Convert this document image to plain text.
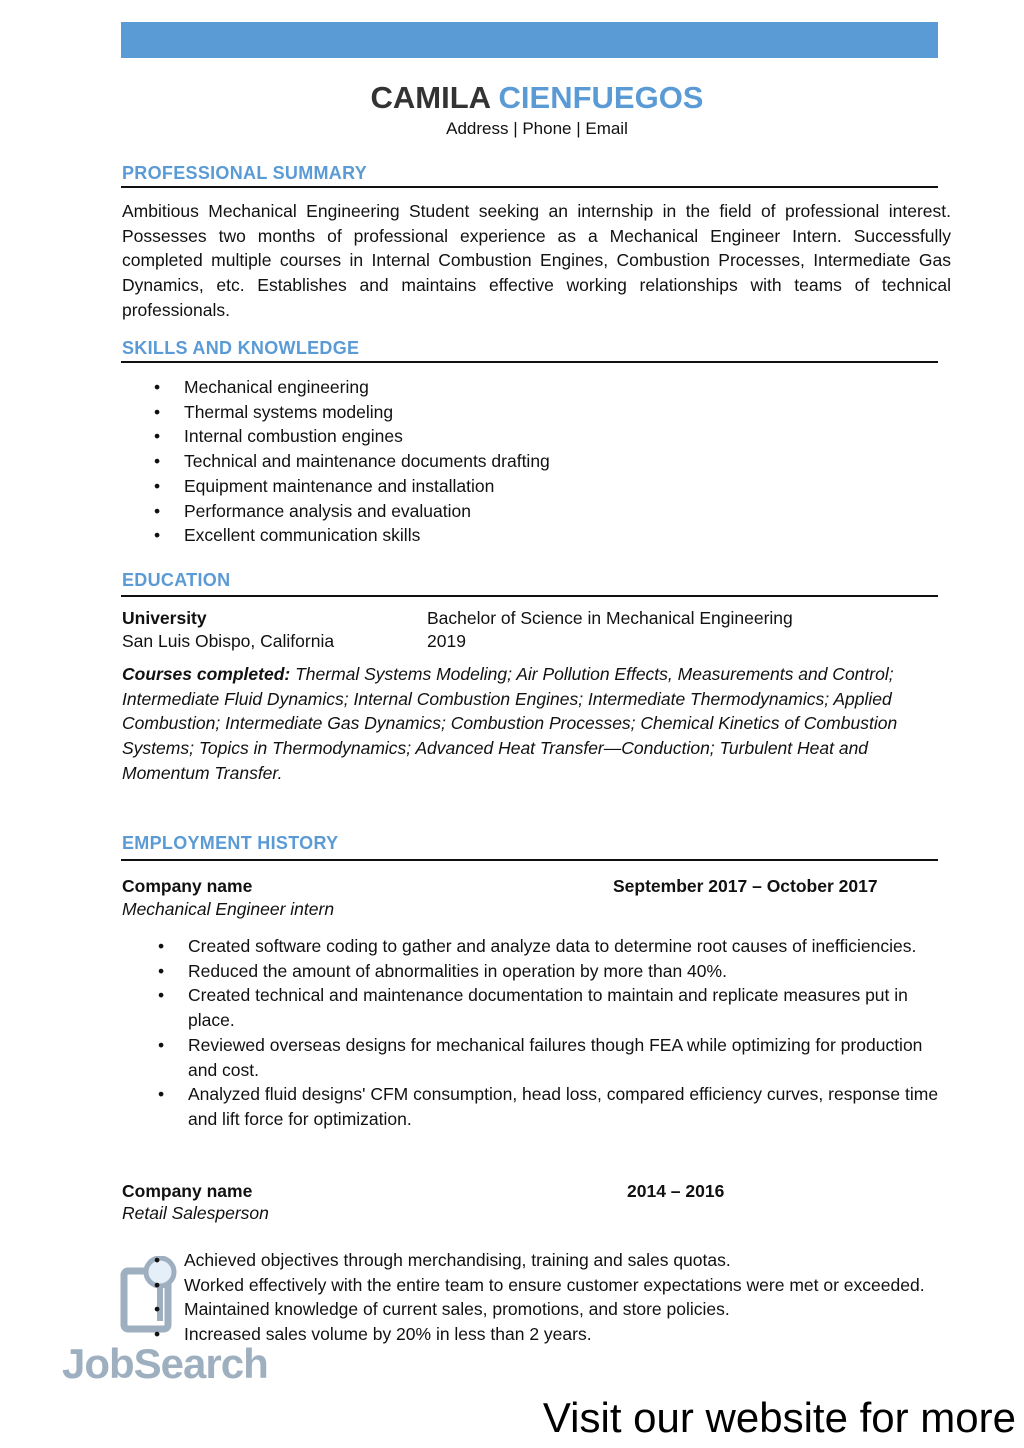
CAMILA CIENFUEGOS
Address | Phone | Email
PROFESSIONAL SUMMARY
Ambitious Mechanical Engineering Student seeking an internship in the field of professional interest. Possesses two months of professional experience as a Mechanical Engineer Intern. Successfully completed multiple courses in Internal Combustion Engines, Combustion Processes, Intermediate Gas Dynamics, etc. Establishes and maintains effective working relationships with teams of technical professionals.
SKILLS AND KNOWLEDGE
• Mechanical engineering
• Thermal systems modeling
• Internal combustion engines
• Technical and maintenance documents drafting
• Equipment maintenance and installation
• Performance analysis and evaluation
• Excellent communication skills
EDUCATION
University
San Luis Obispo, California
Bachelor of Science in Mechanical Engineering
2019
Courses completed: Thermal Systems Modeling; Air Pollution Effects, Measurements and Control;
Intermediate Fluid Dynamics; Internal Combustion Engines; Intermediate Thermodynamics; Applied Combustion; Intermediate Gas Dynamics; Combustion Processes; Chemical Kinetics of Combustion Systems; Topics in Thermodynamics; Advanced Heat Transfer—Conduction; Turbulent Heat and Momentum Transfer.
EMPLOYMENT HISTORY
Company name	September 2017 – October 2017
Mechanical Engineer intern
• Created software coding to gather and analyze data to determine root causes of inefficiencies.
• Reduced the amount of abnormalities in operation by more than 40%.
• Created technical and maintenance documentation to maintain and replicate measures put in place.
• Reviewed overseas designs for mechanical failures though FEA while optimizing for production and cost.
• Analyzed fluid designs' CFM consumption, head loss, compared efficiency curves, response time and lift force for optimization.
Company name	2014 – 2016
Retail Salesperson
JobSearch
• Achieved objectives through merchandising, training and sales quotas.
• Worked effectively with the entire team to ensure customer expectations were met or exceeded.
• Maintained knowledge of current sales, promotions, and store policies.
• Increased sales volume by 20% in less than 2 years.
Visit our website for more
